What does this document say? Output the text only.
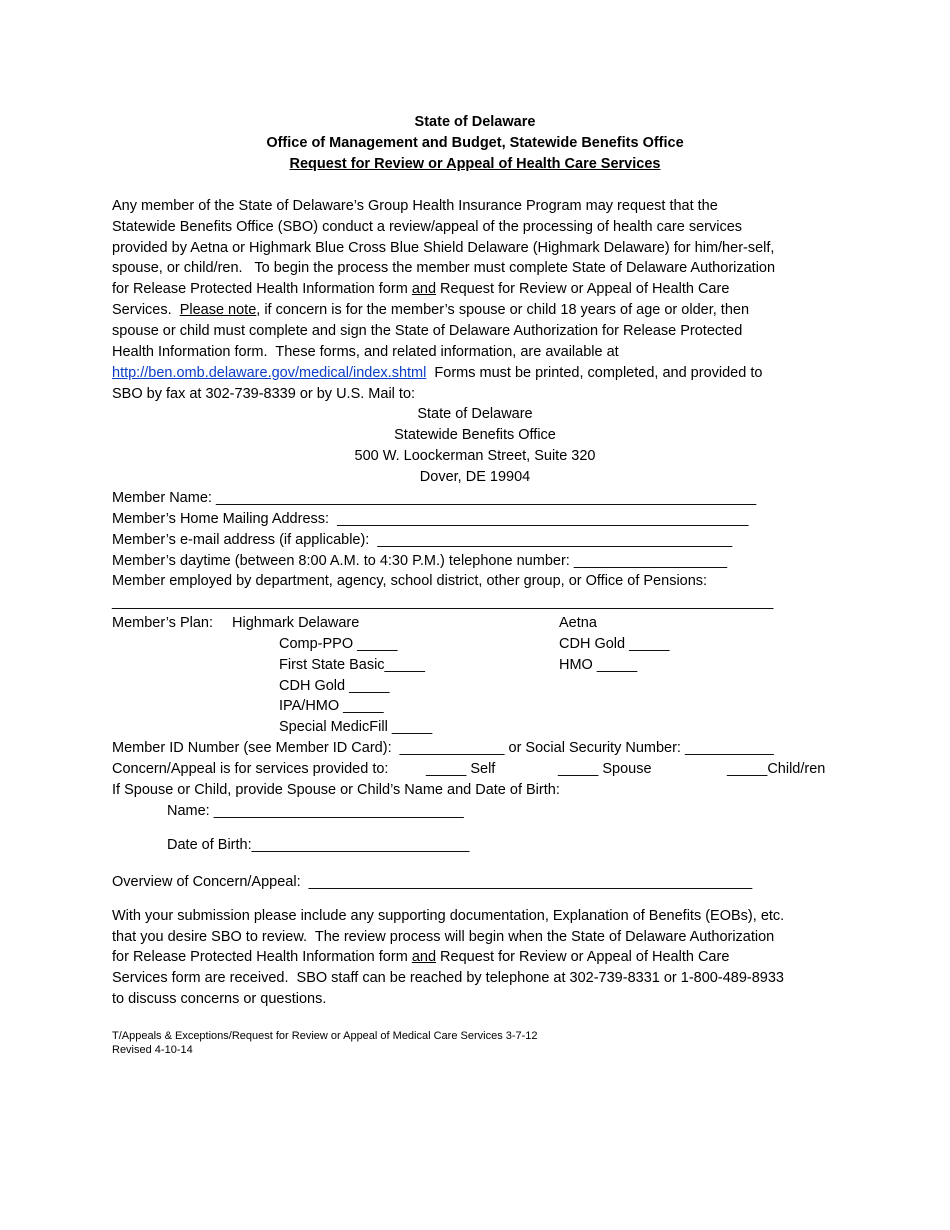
State of Delaware
Office of Management and Budget, Statewide Benefits Office
Request for Review or Appeal of Health Care Services
Any member of the State of Delaware’s Group Health Insurance Program may request that the
Statewide Benefits Office (SBO) conduct a review/appeal of the processing of health care services
provided by Aetna or Highmark Blue Cross Blue Shield Delaware (Highmark Delaware) for him/her-self,
spouse, or child/ren.   To begin the process the member must complete State of Delaware Authorization
for Release Protected Health Information form and Request for Review or Appeal of Health Care
Services.  Please note, if concern is for the member’s spouse or child 18 years of age or older, then
spouse or child must complete and sign the State of Delaware Authorization for Release Protected
Health Information form.  These forms, and related information, are available at
http://ben.omb.delaware.gov/medical/index.shtml  Forms must be printed, completed, and provided to
SBO by fax at 302-739-8339 or by U.S. Mail to:
State of Delaware
Statewide Benefits Office
500 W. Loockerman Street, Suite 320
Dover, DE 19904
Member Name: ___________________________________________________________________
Member’s Home Mailing Address:  ___________________________________________________
Member’s e-mail address (if applicable):  ____________________________________________
Member’s daytime (between 8:00 A.M. to 4:30 P.M.) telephone number: ___________________
Member employed by department, agency, school district, other group, or Office of Pensions:
__________________________________________________________________________________
Member’s Plan: Highmark Delaware
Comp-PPO _____
First State Basic_____
CDH Gold _____
IPA/HMO _____
Special MedicFill _____
Aetna
CDH Gold _____
HMO _____
Member ID Number (see Member ID Card):  _____________ or Social Security Number: ___________
Concern/Appeal is for services provided to:	_____ Self	_____ Spouse	_____Child/ren
If Spouse or Child, provide Spouse or Child’s Name and Date of Birth:
Name: _______________________________
Date of Birth:___________________________
Overview of Concern/Appeal:  _______________________________________________________
With your submission please include any supporting documentation, Explanation of Benefits (EOBs), etc.
that you desire SBO to review.  The review process will begin when the State of Delaware Authorization
for Release Protected Health Information form and Request for Review or Appeal of Health Care
Services form are received.  SBO staff can be reached by telephone at 302-739-8331 or 1-800-489-8933
to discuss concerns or questions.
T/Appeals & Exceptions/Request for Review or Appeal of Medical Care Services 3-7-12
Revised 4-10-14
